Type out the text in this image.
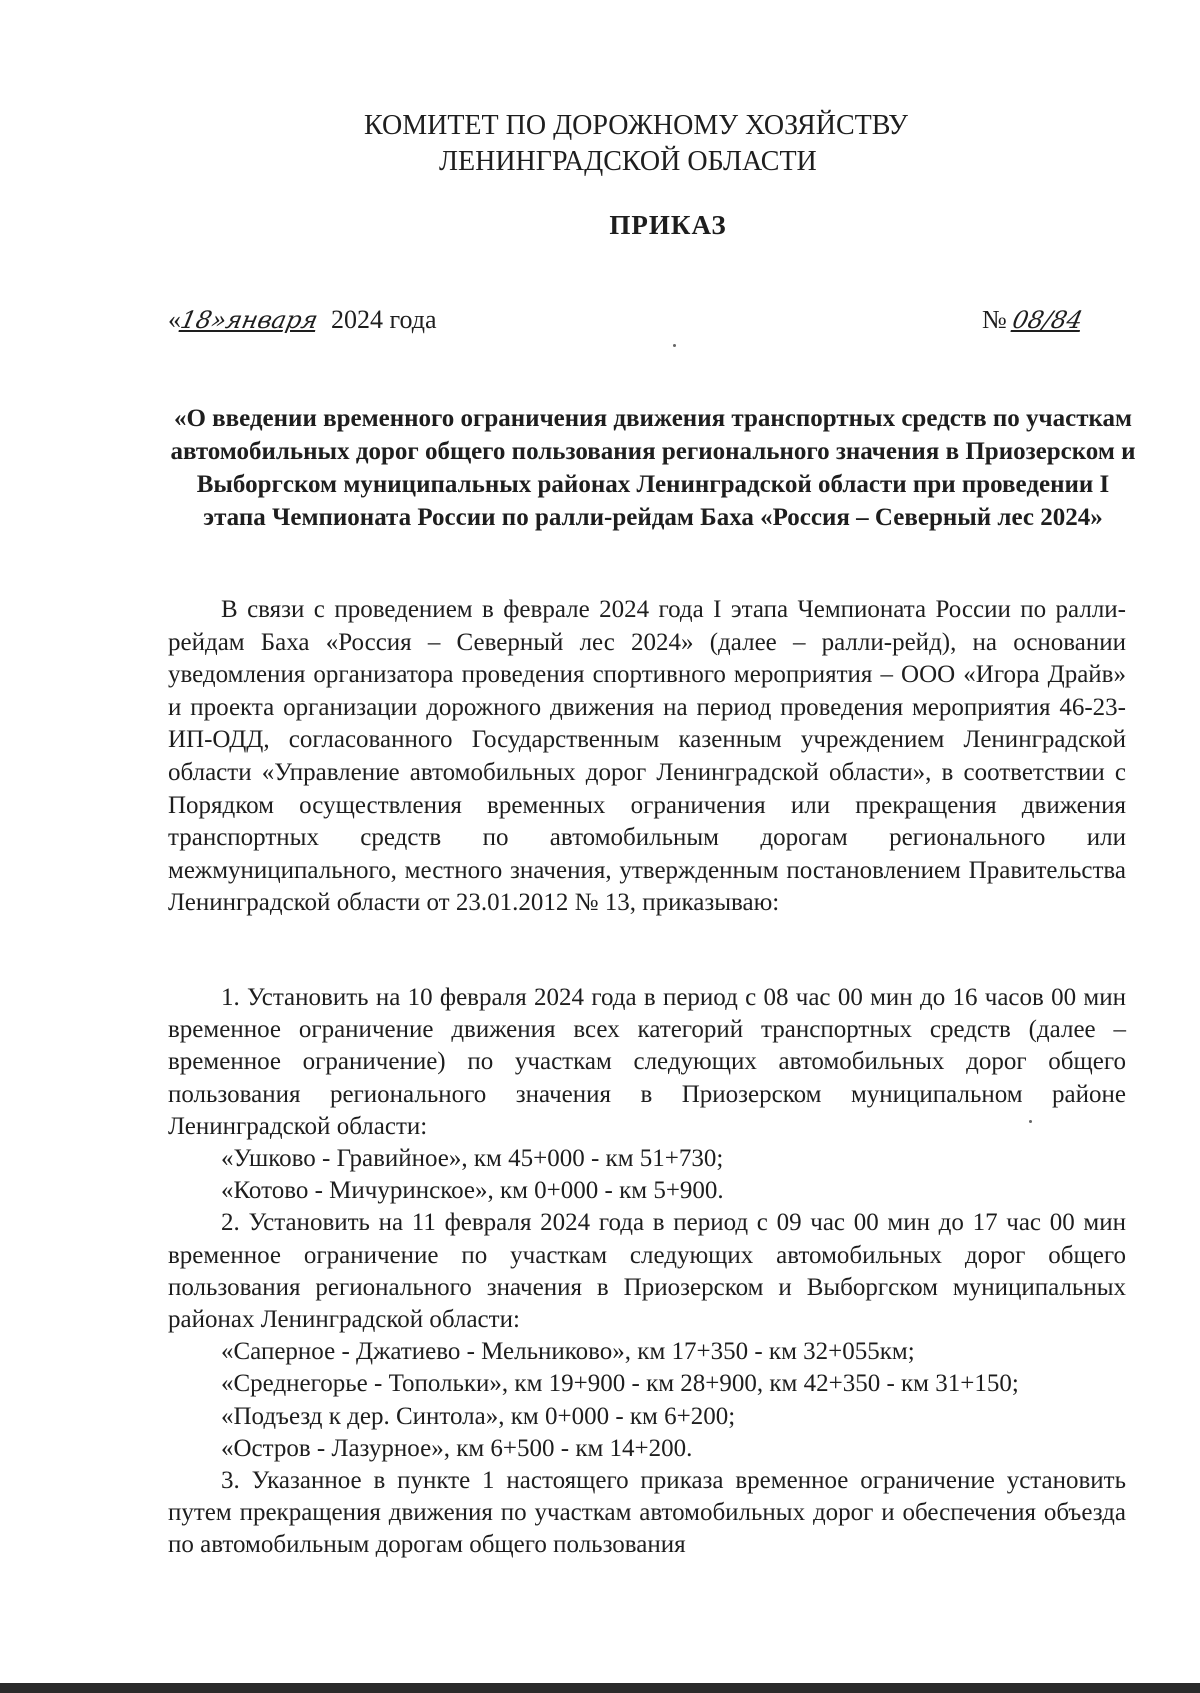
КОМИТЕТ ПО ДОРОЖНОМУ ХОЗЯЙСТВУ
ЛЕНИНГРАДСКОЙ ОБЛАСТИ
ПРИКАЗ
«18»января 2024 года	№ 08/84
«О введении временного ограничения движения транспортных средств по участкам автомобильных дорог общего пользования регионального значения в Приозерском и Выборгском муниципальных районах Ленинградской области при проведении I этапа Чемпионата России по ралли-рейдам Баха «Россия – Северный лес 2024»

В связи с проведением в феврале 2024 года I этапа Чемпионата России по ралли-рейдам Баха «Россия – Северный лес 2024» (далее – ралли-рейд), на основании уведомления организатора проведения спортивного мероприятия – ООО «Игора Драйв» и проекта организации дорожного движения на период проведения мероприятия 46-23-ИП-ОДД, согласованного Государственным казенным учреждением Ленинградской области «Управление автомобильных дорог Ленинградской области», в соответствии с Порядком осуществления временных ограничения или прекращения движения транспортных средств по автомобильным дорогам регионального или межмуниципального, местного значения, утвержденным постановлением Правительства Ленинградской области от 23.01.2012 № 13, приказываю:

1. Установить на 10 февраля 2024 года в период с 08 час 00 мин до 16 часов 00 мин временное ограничение движения всех категорий транспортных средств (далее – временное ограничение) по участкам следующих автомобильных дорог общего пользования регионального значения в Приозерском муниципальном районе Ленинградской области:

«Ушково - Гравийное», км 45+000 - км 51+730;

«Котово - Мичуринское», км 0+000 - км 5+900.

2. Установить на 11 февраля 2024 года в период с 09 час 00 мин до 17 час 00 мин временное ограничение по участкам следующих автомобильных дорог общего пользования регионального значения в Приозерском и Выборгском муниципальных районах Ленинградской области:

«Саперное - Джатиево - Мельниково», км 17+350 - км 32+055км;

«Среднегорье - Топольки», км 19+900 - км 28+900, км 42+350 - км 31+150;

«Подъезд к дер. Синтола», км 0+000 - км 6+200;

«Остров - Лазурное», км 6+500 - км 14+200.

3. Указанное в пункте 1 настоящего приказа временное ограничение установить путем прекращения движения по участкам автомобильных дорог и обеспечения объезда по автомобильным дорогам общего пользования
